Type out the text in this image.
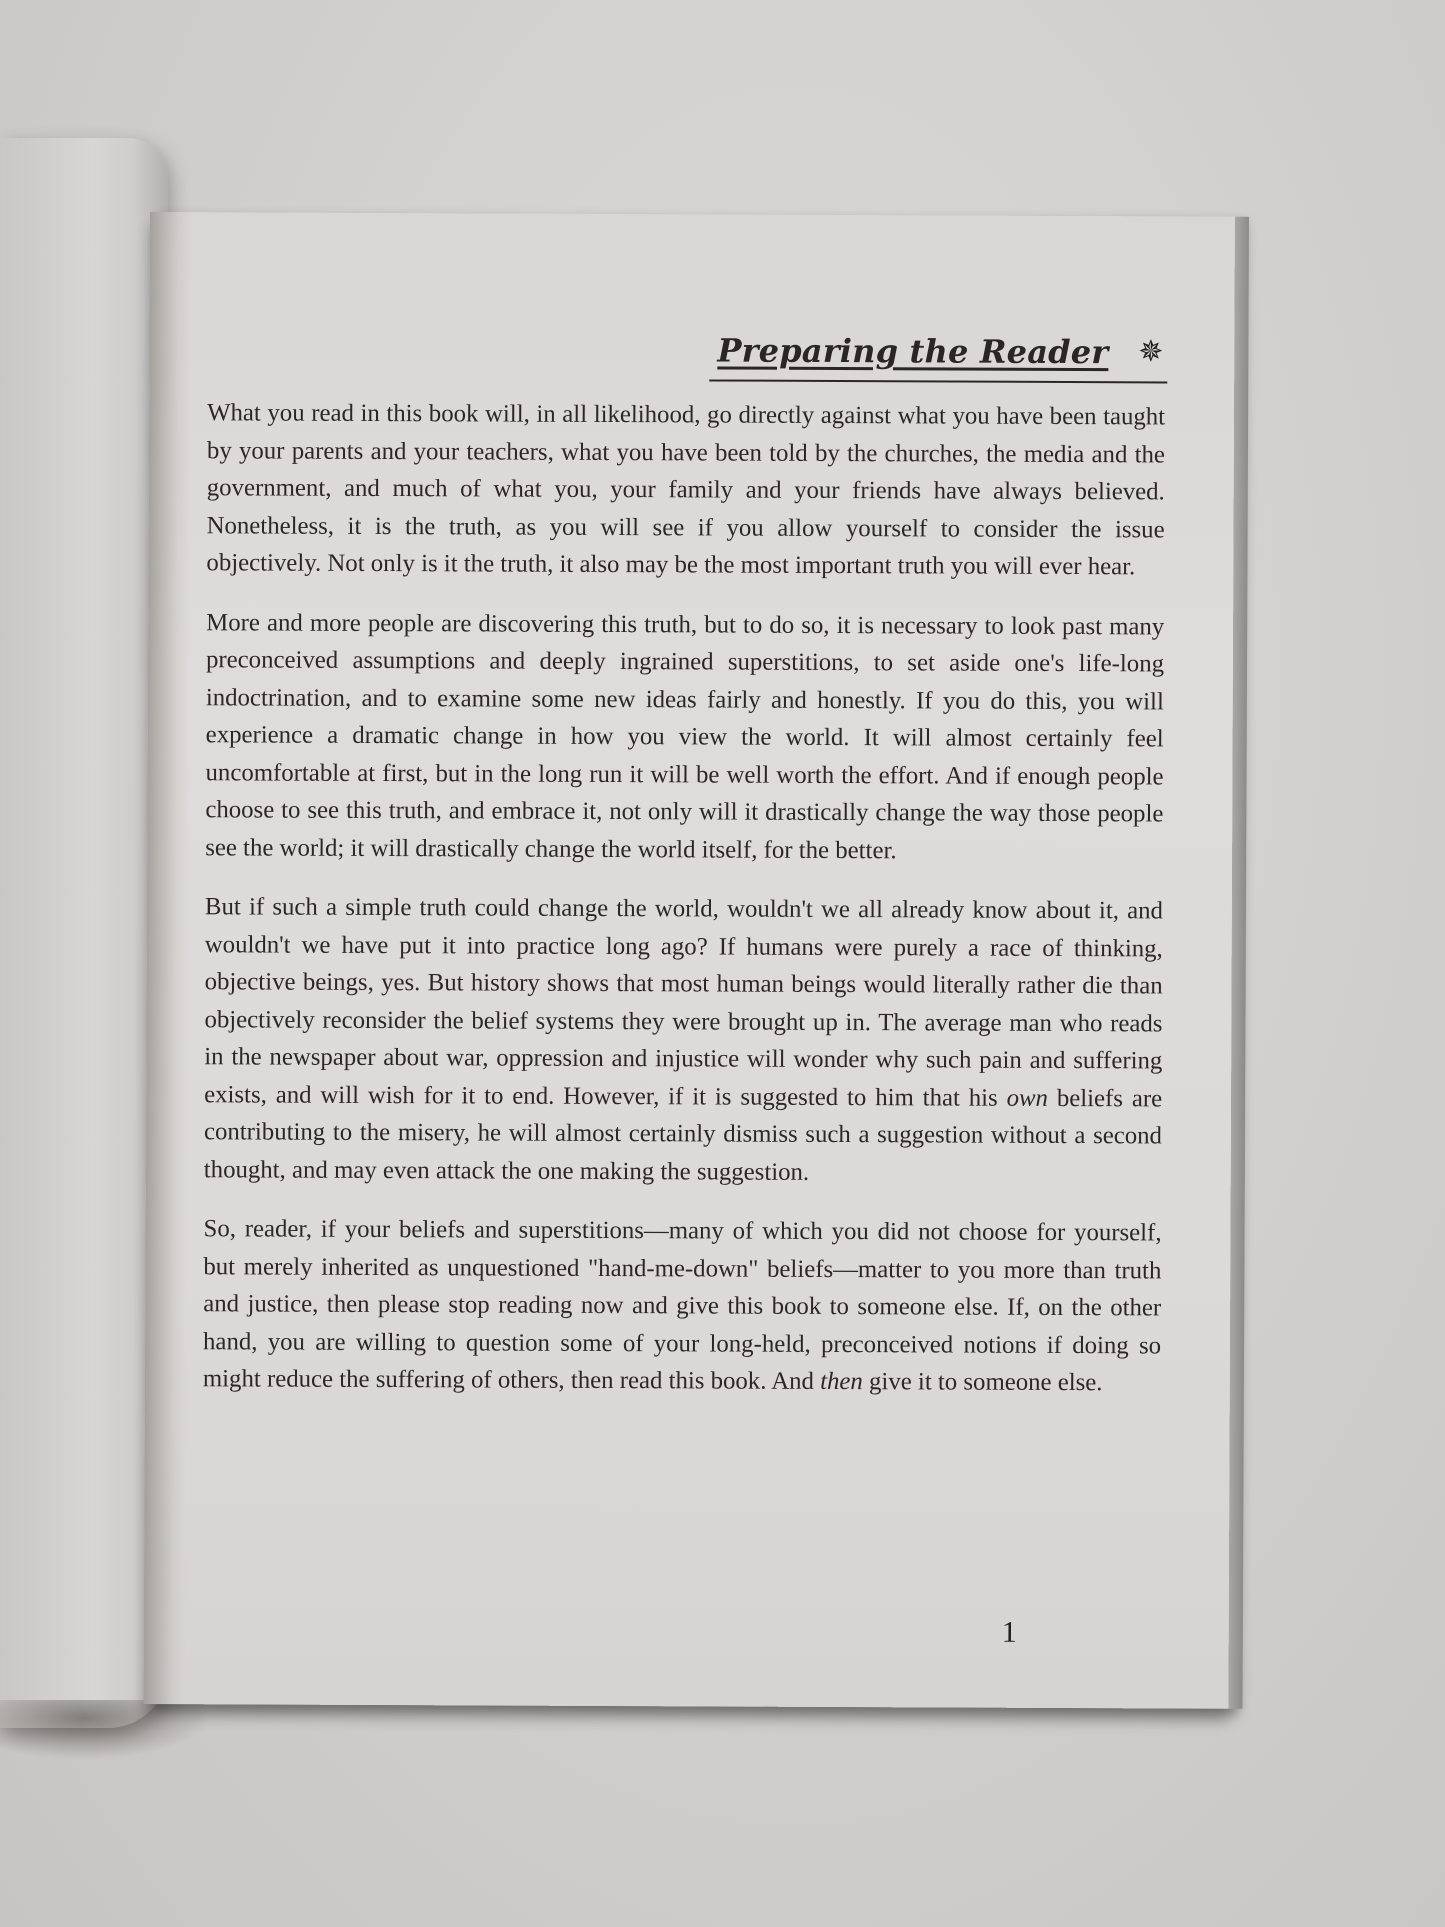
Preparing the Reader ✵

What you read in this book will, in all likelihood, go directly against what you have been taught by your parents and your teachers, what you have been told by the churches, the media and the government, and much of what you, your family and your friends have always believed. Nonetheless, it is the truth, as you will see if you allow yourself to consider the issue objectively. Not only is it the truth, it also may be the most important truth you will ever hear.

More and more people are discovering this truth, but to do so, it is necessary to look past many preconceived assumptions and deeply ingrained superstitions, to set aside one's life-long indoctrination, and to examine some new ideas fairly and honestly. If you do this, you will experience a dramatic change in how you view the world. It will almost certainly feel uncomfortable at first, but in the long run it will be well worth the effort. And if enough people choose to see this truth, and embrace it, not only will it drastically change the way those people see the world; it will drastically change the world itself, for the better.

But if such a simple truth could change the world, wouldn't we all already know about it, and wouldn't we have put it into practice long ago? If humans were purely a race of thinking, objective beings, yes. But history shows that most human beings would literally rather die than objectively reconsider the belief systems they were brought up in. The average man who reads in the newspaper about war, oppression and injustice will wonder why such pain and suffering exists, and will wish for it to end. However, if it is suggested to him that his own beliefs are contributing to the misery, he will almost certainly dismiss such a suggestion without a second thought, and may even attack the one making the suggestion.

So, reader, if your beliefs and superstitions—many of which you did not choose for yourself, but merely inherited as unquestioned "hand-me-down" beliefs—matter to you more than truth and justice, then please stop reading now and give this book to someone else. If, on the other hand, you are willing to question some of your long-held, preconceived notions if doing so might reduce the suffering of others, then read this book. And then give it to someone else.

1
